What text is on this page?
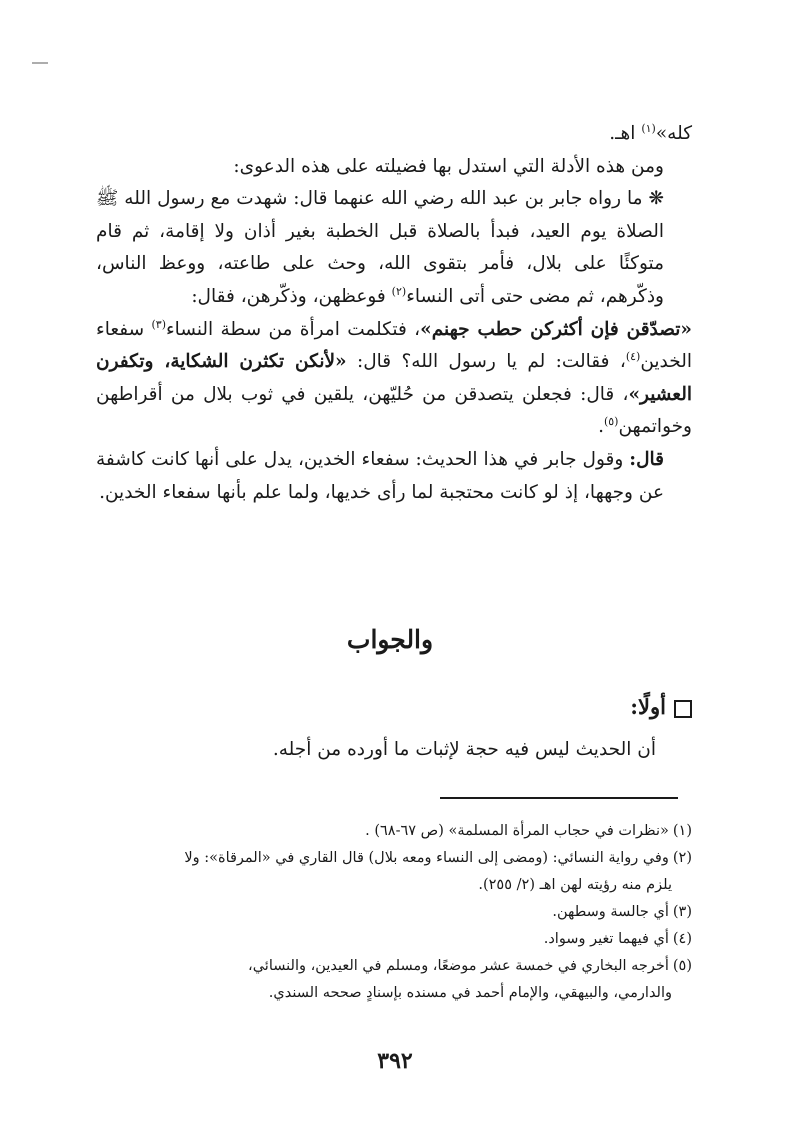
كله»$^{(١)}$ اهـ.

ومن هذه الأدلة التي استدل بها فضيلته على هذه الدعوى:

❋ ما رواه جابر بن عبد الله رضي الله عنهما قال: شهدت مع رسول الله ﷺ الصلاة يوم العيد، فبدأ بالصلاة قبل الخطبة بغير أذان ولا إقامة، ثم قام متوكئًا على بلال، فأمر بتقوى الله، وحث على طاعته، ووعظ الناس، وذكّرهم، ثم مضى حتى أتى النساء$^{(٢)}$ فوعظهن، وذكّرهن، فقال:

«تصدّقن فإن أكثركن حطب جهنم»، فتكلمت امرأة من سطة النساء$^{(٣)}$ سفعاء الخدين$^{(٤)}$، فقالت: لم يا رسول الله؟ قال: «لأنكن تكثرن الشكاية، وتكفرن العشير»، قال: فجعلن يتصدقن من حُليّهن، يلقين في ثوب بلال من أقراطهن وخواتمهن$^{(٥)}$.

قال: وقول جابر في هذا الحديث: سفعاء الخدين، يدل على أنها كانت كاشفة عن وجهها، إذ لو كانت محتجبة لما رأى خديها، ولما علم بأنها سفعاء الخدين.

والجواب
أولًا:
أن الحديث ليس فيه حجة لإثبات ما أورده من أجله.

(١)«نظرات في حجاب المرأة المسلمة» (ص ٦٧-٦٨) .

(٢)وفي رواية النسائي: (ومضى إلى النساء ومعه بلال) قال القاري في «المرقاة»: ولا

يلزم منه رؤيته لهن اهـ (٢/ ٢٥٥).

(٣)أي جالسة وسطهن.

(٤)أي فيهما تغير وسواد.

(٥)أخرجه البخاري في خمسة عشر موضعًا، ومسلم في العيدين، والنسائي،

والدارمي، والبيهقي، والإمام أحمد في مسنده بإسنادٍ صححه السندي.

٣٩٢
